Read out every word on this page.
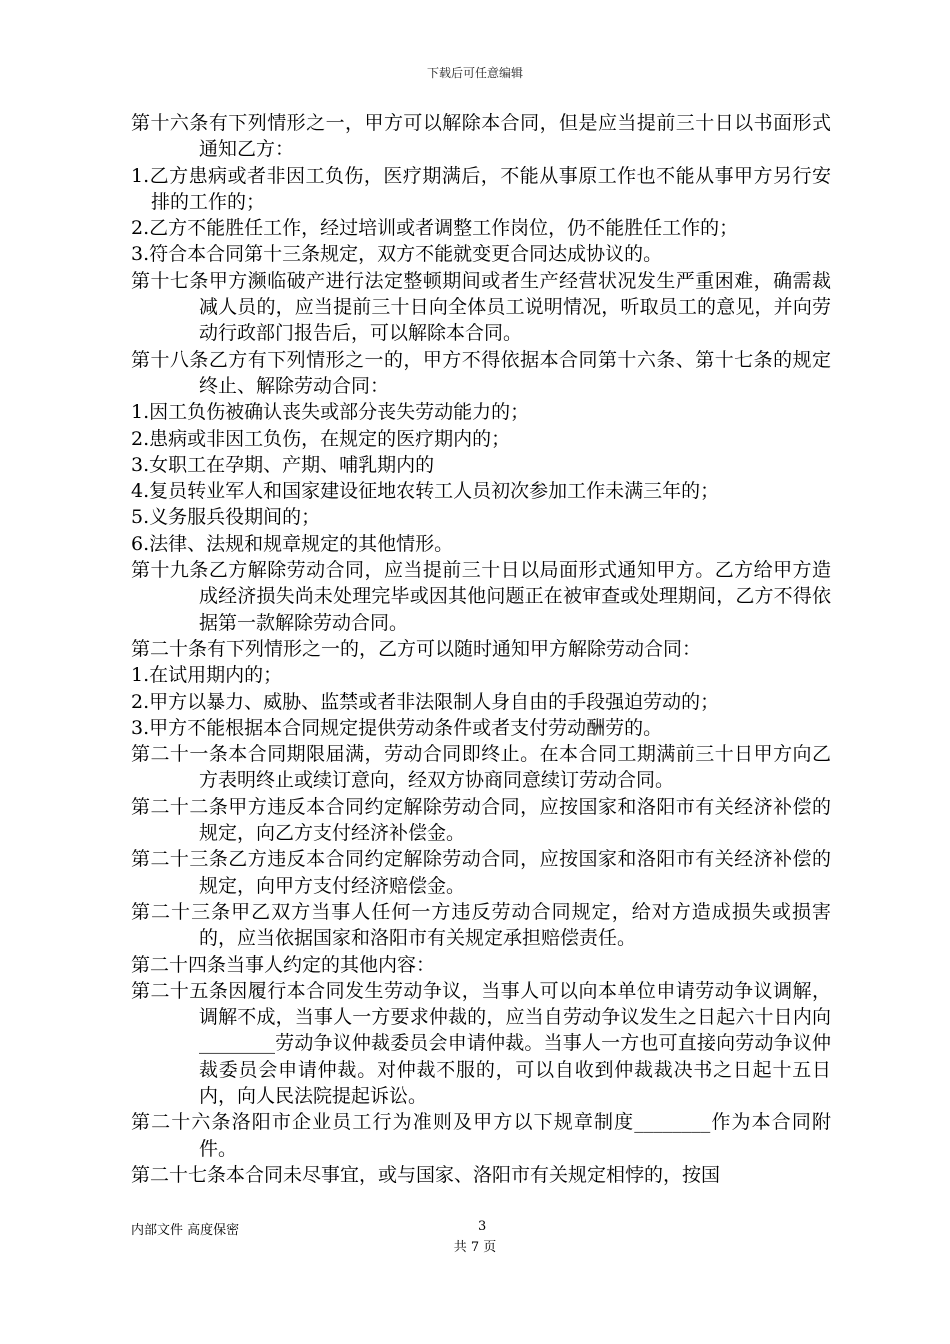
下载后可任意编辑

第十六条有下列情形之一，甲方可以解除本合同，但是应当提前三十日以书面形式通知乙方：

1.乙方患病或者非因工负伤，医疗期满后，不能从事原工作也不能从事甲方另行安排的工作的；

2.乙方不能胜任工作，经过培训或者调整工作岗位，仍不能胜任工作的；

3.符合本合同第十三条规定，双方不能就变更合同达成协议的。

第十七条甲方濒临破产进行法定整顿期间或者生产经营状况发生严重困难，确需裁减人员的，应当提前三十日向全体员工说明情况，听取员工的意见，并向劳动行政部门报告后，可以解除本合同。

第十八条乙方有下列情形之一的，甲方不得依据本合同第十六条、第十七条的规定终止、解除劳动合同：

1.因工负伤被确认丧失或部分丧失劳动能力的；

2.患病或非因工负伤，在规定的医疗期内的；

3.女职工在孕期、产期、哺乳期内的

4.复员转业军人和国家建设征地农转工人员初次参加工作未满三年的；

5.义务服兵役期间的；

6.法律、法规和规章规定的其他情形。

第十九条乙方解除劳动合同，应当提前三十日以局面形式通知甲方。乙方给甲方造成经济损失尚未处理完毕或因其他问题正在被审查或处理期间，乙方不得依据第一款解除劳动合同。

第二十条有下列情形之一的，乙方可以随时通知甲方解除劳动合同：

1.在试用期内的；

2.甲方以暴力、威胁、监禁或者非法限制人身自由的手段强迫劳动的；

3.甲方不能根据本合同规定提供劳动条件或者支付劳动酬劳的。

第二十一条本合同期限届满，劳动合同即终止。在本合同工期满前三十日甲方向乙方表明终止或续订意向，经双方协商同意续订劳动合同。

第二十二条甲方违反本合同约定解除劳动合同，应按国家和洛阳市有关经济补偿的规定，向乙方支付经济补偿金。

第二十三条乙方违反本合同约定解除劳动合同，应按国家和洛阳市有关经济补偿的规定，向甲方支付经济赔偿金。

第二十三条甲乙双方当事人任何一方违反劳动合同规定，给对方造成损失或损害的，应当依据国家和洛阳市有关规定承担赔偿责任。

第二十四条当事人约定的其他内容：

第二十五条因履行本合同发生劳动争议，当事人可以向本单位申请劳动争议调解，调解不成，当事人一方要求仲裁的，应当自劳动争议发生之日起六十日内向________劳动争议仲裁委员会申请仲裁。当事人一方也可直接向劳动争议仲裁委员会申请仲裁。对仲裁不服的，可以自收到仲裁裁决书之日起十五日内，向人民法院提起诉讼。

第二十六条洛阳市企业员工行为准则及甲方以下规章制度________作为本合同附件。

第二十七条本合同未尽事宜，或与国家、洛阳市有关规定相悖的，按国

内部文件 高度保密	3
共 7 页
